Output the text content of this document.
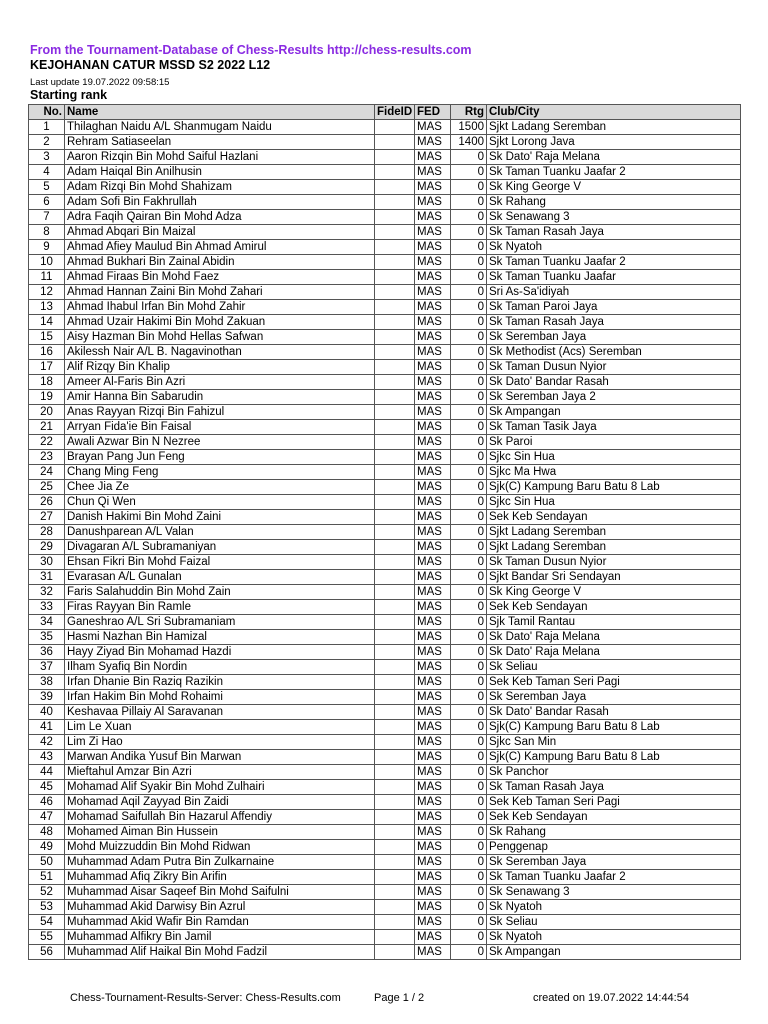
From the Tournament-Database of Chess-Results http://chess-results.com
KEJOHANAN CATUR MSSD S2 2022 L12
Last update 19.07.2022 09:58:15
Starting rank
No.	Name	FideID	FED	Rtg	Club/City
1	Thilaghan Naidu A/L Shanmugam Naidu		MAS	1500	Sjkt Ladang Seremban
2	Rehram Satiaseelan		MAS	1400	Sjkt Lorong Java
3	Aaron Rizqin Bin Mohd Saiful Hazlani		MAS	0	Sk Dato' Raja Melana
4	Adam Haiqal Bin Anilhusin		MAS	0	Sk Taman Tuanku Jaafar 2
5	Adam Rizqi Bin Mohd Shahizam		MAS	0	Sk King George V
6	Adam Sofi Bin Fakhrullah		MAS	0	Sk Rahang
7	Adra Faqih Qairan Bin Mohd Adza		MAS	0	Sk Senawang 3
8	Ahmad Abqari Bin Maizal		MAS	0	Sk Taman Rasah Jaya
9	Ahmad Afiey Maulud Bin Ahmad Amirul		MAS	0	Sk Nyatoh
10	Ahmad Bukhari Bin Zainal Abidin		MAS	0	Sk Taman Tuanku Jaafar 2
11	Ahmad Firaas Bin Mohd Faez		MAS	0	Sk Taman Tuanku Jaafar
12	Ahmad Hannan Zaini Bin Mohd Zahari		MAS	0	Sri As-Sa'idiyah
13	Ahmad Ihabul Irfan Bin Mohd Zahir		MAS	0	Sk Taman Paroi Jaya
14	Ahmad Uzair Hakimi Bin Mohd Zakuan		MAS	0	Sk Taman Rasah Jaya
15	Aisy Hazman Bin Mohd Hellas Safwan		MAS	0	Sk Seremban Jaya
16	Akilessh Nair A/L B. Nagavinothan		MAS	0	Sk Methodist (Acs) Seremban
17	Alif Rizqy Bin Khalip		MAS	0	Sk Taman Dusun Nyior
18	Ameer Al-Faris Bin Azri		MAS	0	Sk Dato' Bandar Rasah
19	Amir Hanna Bin Sabarudin		MAS	0	Sk Seremban Jaya 2
20	Anas Rayyan Rizqi Bin Fahizul		MAS	0	Sk Ampangan
21	Arryan Fida'ie Bin Faisal		MAS	0	Sk Taman Tasik Jaya
22	Awali Azwar Bin N Nezree		MAS	0	Sk Paroi
23	Brayan Pang Jun Feng		MAS	0	Sjkc Sin Hua
24	Chang Ming Feng		MAS	0	Sjkc Ma Hwa
25	Chee Jia Ze		MAS	0	Sjk(C) Kampung Baru Batu 8 Lab
26	Chun Qi Wen		MAS	0	Sjkc Sin Hua
27	Danish Hakimi Bin Mohd Zaini		MAS	0	Sek Keb Sendayan
28	Danushparean A/L Valan		MAS	0	Sjkt Ladang Seremban
29	Divagaran A/L Subramaniyan		MAS	0	Sjkt Ladang Seremban
30	Ehsan Fikri Bin Mohd Faizal		MAS	0	Sk Taman Dusun Nyior
31	Evarasan A/L Gunalan		MAS	0	Sjkt Bandar Sri Sendayan
32	Faris Salahuddin Bin Mohd Zain		MAS	0	Sk King George V
33	Firas Rayyan Bin Ramle		MAS	0	Sek Keb Sendayan
34	Ganeshrao A/L Sri Subramaniam		MAS	0	Sjk Tamil Rantau
35	Hasmi Nazhan Bin Hamizal		MAS	0	Sk Dato' Raja Melana
36	Hayy Ziyad Bin Mohamad Hazdi		MAS	0	Sk Dato' Raja Melana
37	Ilham Syafiq Bin Nordin		MAS	0	Sk Seliau
38	Irfan Dhanie Bin Raziq Razikin		MAS	0	Sek Keb Taman Seri Pagi
39	Irfan Hakim Bin Mohd Rohaimi		MAS	0	Sk Seremban Jaya
40	Keshavaa Pillaiy Al Saravanan		MAS	0	Sk Dato' Bandar Rasah
41	Lim Le Xuan		MAS	0	Sjk(C) Kampung Baru Batu 8 Lab
42	Lim Zi Hao		MAS	0	Sjkc San Min
43	Marwan Andika Yusuf Bin Marwan		MAS	0	Sjk(C) Kampung Baru Batu 8 Lab
44	Mieftahul Amzar Bin Azri		MAS	0	Sk Panchor
45	Mohamad Alif Syakir Bin Mohd Zulhairi		MAS	0	Sk Taman Rasah Jaya
46	Mohamad Aqil Zayyad Bin Zaidi		MAS	0	Sek Keb Taman Seri Pagi
47	Mohamad Saifullah Bin Hazarul Affendiy		MAS	0	Sek Keb Sendayan
48	Mohamed Aiman Bin Hussein		MAS	0	Sk Rahang
49	Mohd Muizzuddin Bin Mohd Ridwan		MAS	0	Penggenap
50	Muhammad Adam Putra Bin Zulkarnaine		MAS	0	Sk Seremban Jaya
51	Muhammad Afiq Zikry Bin Arifin		MAS	0	Sk Taman Tuanku Jaafar 2
52	Muhammad Aisar Saqeef Bin Mohd Saifulni		MAS	0	Sk Senawang 3
53	Muhammad Akid Darwisy Bin Azrul		MAS	0	Sk Nyatoh
54	Muhammad Akid Wafir Bin Ramdan		MAS	0	Sk Seliau
55	Muhammad Alfikry Bin Jamil		MAS	0	Sk Nyatoh
56	Muhammad Alif Haikal Bin Mohd Fadzil		MAS	0	Sk Ampangan
Chess-Tournament-Results-Server: Chess-Results.com	Page 1 / 2	created on 19.07.2022 14:44:54
